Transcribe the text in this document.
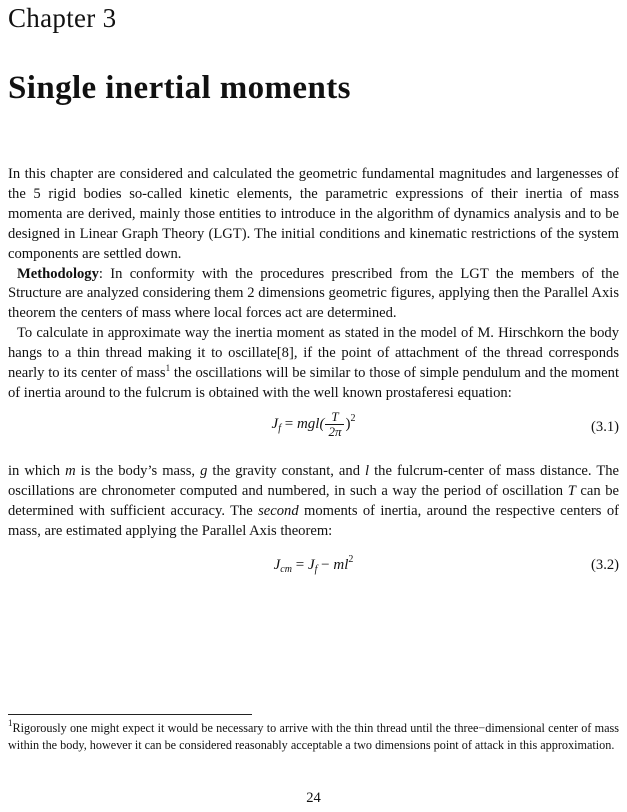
Chapter 3
Single inertial moments

In this chapter are considered and calculated the geometric fundamental magnitudes and largenesses of the 5 rigid bodies so-called kinetic elements, the parametric expressions of their inertia of mass momenta are derived, mainly those entities to introduce in the algorithm of dynamics analysis and to be designed in Linear Graph Theory (LGT). The initial conditions and kinematic restrictions of the system components are settled down.

Methodology: In conformity with the procedures prescribed from the LGT the members of the Structure are analyzed considering them 2 dimensions geometric figures, applying then the Parallel Axis theorem the centers of mass where local forces act are determined.

To calculate in approximate way the inertia moment as stated in the model of M. Hirschkorn the body hangs to a thin thread making it to oscillate[8], if the point of attachment of the thread corresponds nearly to its center of mass$^1$ the oscillations will be similar to those of simple pendulum and the moment of inertia around to the fulcrum is obtained with the well known prostaferesi equation:

$J_f = mgl( \frac{T}{2\pi} )^2$
(3.1)

in which m is the body’s mass, g the gravity constant, and l the fulcrum-center of mass distance. The oscillations are chronometer computed and numbered, in such a way the period of oscillation T can be determined with sufficient accuracy. The second moments of inertia, around the respective centers of mass, are estimated applying the Parallel Axis theorem:

$J_{cm} = J_f - ml^2$	(3.2)

$^1$Rigorously one might expect it would be necessary to arrive with the thin thread until the three−dimensional center of mass within the body, however it can be considered reasonably acceptable a two dimensions point of attack in this approximation.

24
